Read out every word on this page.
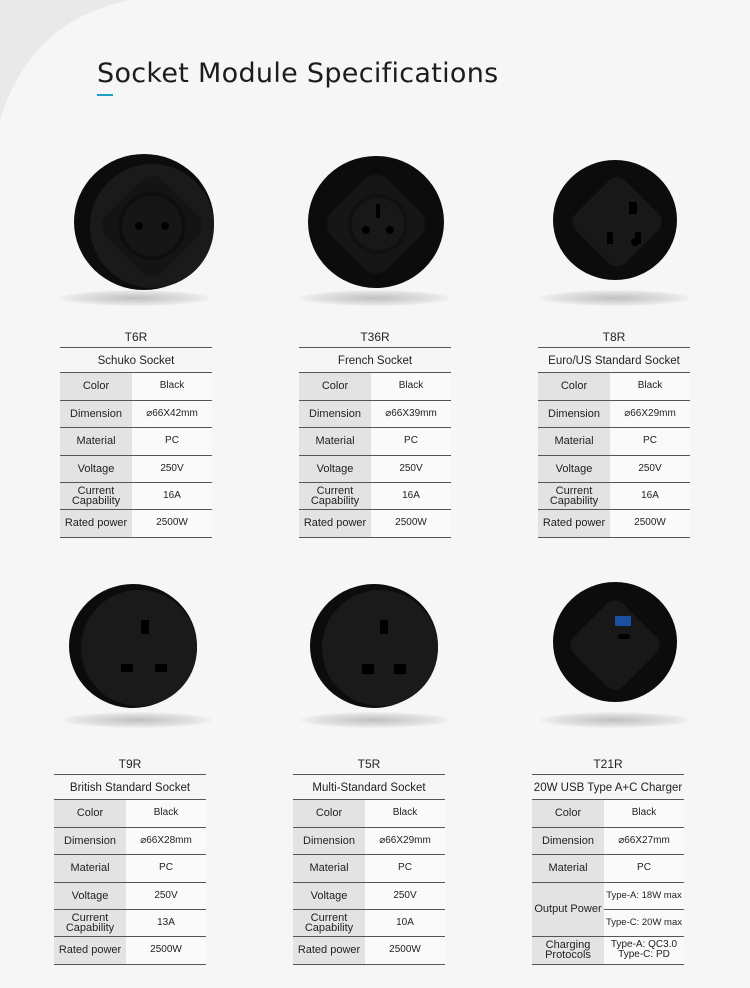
Socket Module Specifications
T6R
Schuko Socket
Color	Black
Dimension	⌀66X42mm
Material	PC
Voltage	250V
Current Capability	16A
Rated power	2500W
T36R
French Socket
Color	Black
Dimension	⌀66X39mm
Material	PC
Voltage	250V
Current Capability	16A
Rated power	2500W
T8R
Euro/US Standard Socket
Color	Black
Dimension	⌀66X29mm
Material	PC
Voltage	250V
Current Capability	16A
Rated power	2500W
T9R
British Standard Socket
Color	Black
Dimension	⌀66X28mm
Material	PC
Voltage	250V
Current Capability	13A
Rated power	2500W
T5R
Multi-Standard Socket
Color	Black
Dimension	⌀66X29mm
Material	PC
Voltage	250V
Current Capability	10A
Rated power	2500W
T21R
20W USB Type A+C Charger
Color	Black
Dimension	⌀66X27mm
Material	PC
Output Power	Type-A: 18W max
	Type-C: 20W max
Charging Protocols	Type-A: QC3.0
Type-C: PD
